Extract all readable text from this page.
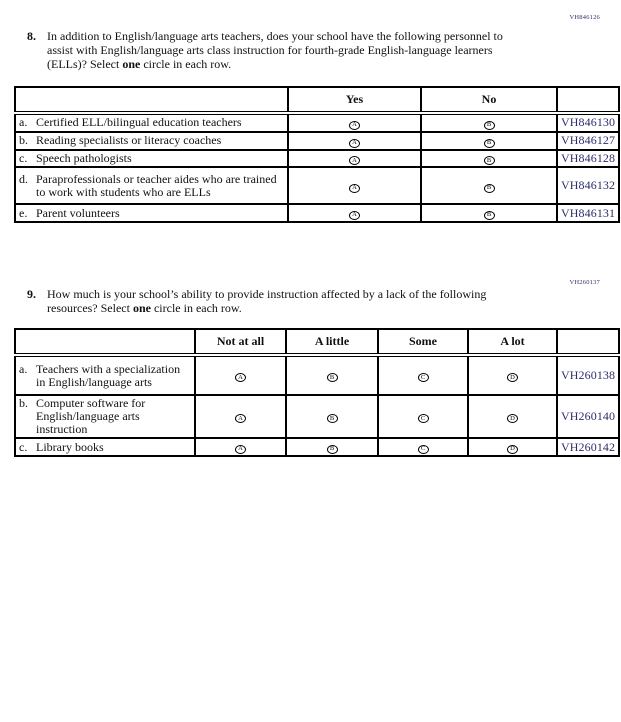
VH846126
8. In addition to English/language arts teachers, does your school have the following personnel to assist with English/language arts class instruction for fourth-grade English-language learners (ELLs)? Select one circle in each row.
	Yes	No	

a. Certified ELL/bilingual education teachers	A	B	VH846130

b. Reading specialists or literacy coaches	A	B	VH846127

c. Speech pathologists	A	B	VH846128

d. Paraprofessionals or teacher aides who are trained to work with students who are ELLs	A	B	VH846132

e. Parent volunteers	A	B	VH846131
VH260137
9. How much is your school’s ability to provide instruction affected by a lack of the following resources? Select one circle in each row.
	Not at all	A little	Some	A lot	

a. Teachers with a specialization in English/language arts	A	B	C	D	VH260138

b. Computer software for English/language arts instruction	A	B	C	D	VH260140

c. Library books	A	B	C	D	VH260142
